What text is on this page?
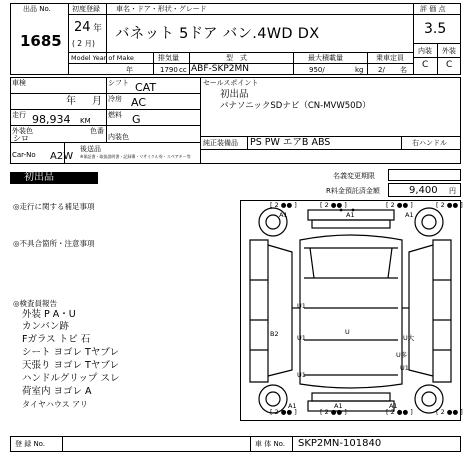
出品 No.
1685
初度登録
24 年
( 2 月)
Model Year of Make
車名・ドア・形状・グレード
バネット 5ドア バン.4WD DX
排気量	型　式	最大積載量	乗車定員
年	1790 cc ABF-SKP2MN	950/	kg 2/ 名
評 価 点
3.5
内装 外装
C C
車検	シフト CAT
年 月 冷房 AC
走行 98,934 KM
燃料 G
外装色
シロ
色番
内装色
Car-No A2W
後送品
※保証書・取扱説明書・記録簿・リサイクル券・スペアキー等
セールスポイント
初出品
パナソニックSDナビ（CN-MVW50D）
純正装備品 PS PW エアB ABS	右ハンドル
初出品	名義変更期限
R料金預託済金額	9,400 円
◎走行に関する補足事項
◎不具合箇所・注意事項
◎検査員報告
外装 P A・U
カンバン跡
Fガラス トビ 石
シート ヨゴレ Tヤブレ
天張り ヨゴレ Tヤブレ
ハンドルグリップ スレ
荷室内 ヨゴレ A
タイヤハウス アリ
[ 2 ●● ]	[ 2 ●● ]	[ 2 ●● ]	[ 2 ●● ]
[ 2 ●● ]	[ 2 ●● ]	[ 2 ●● ]	[ 2 ●● ]
A1	A1	A1
U1
B2	U1	U大
U多
U1
U1
U
A1	A1	A1
登 録 No.	車 体 No. SKP2MN-101840
